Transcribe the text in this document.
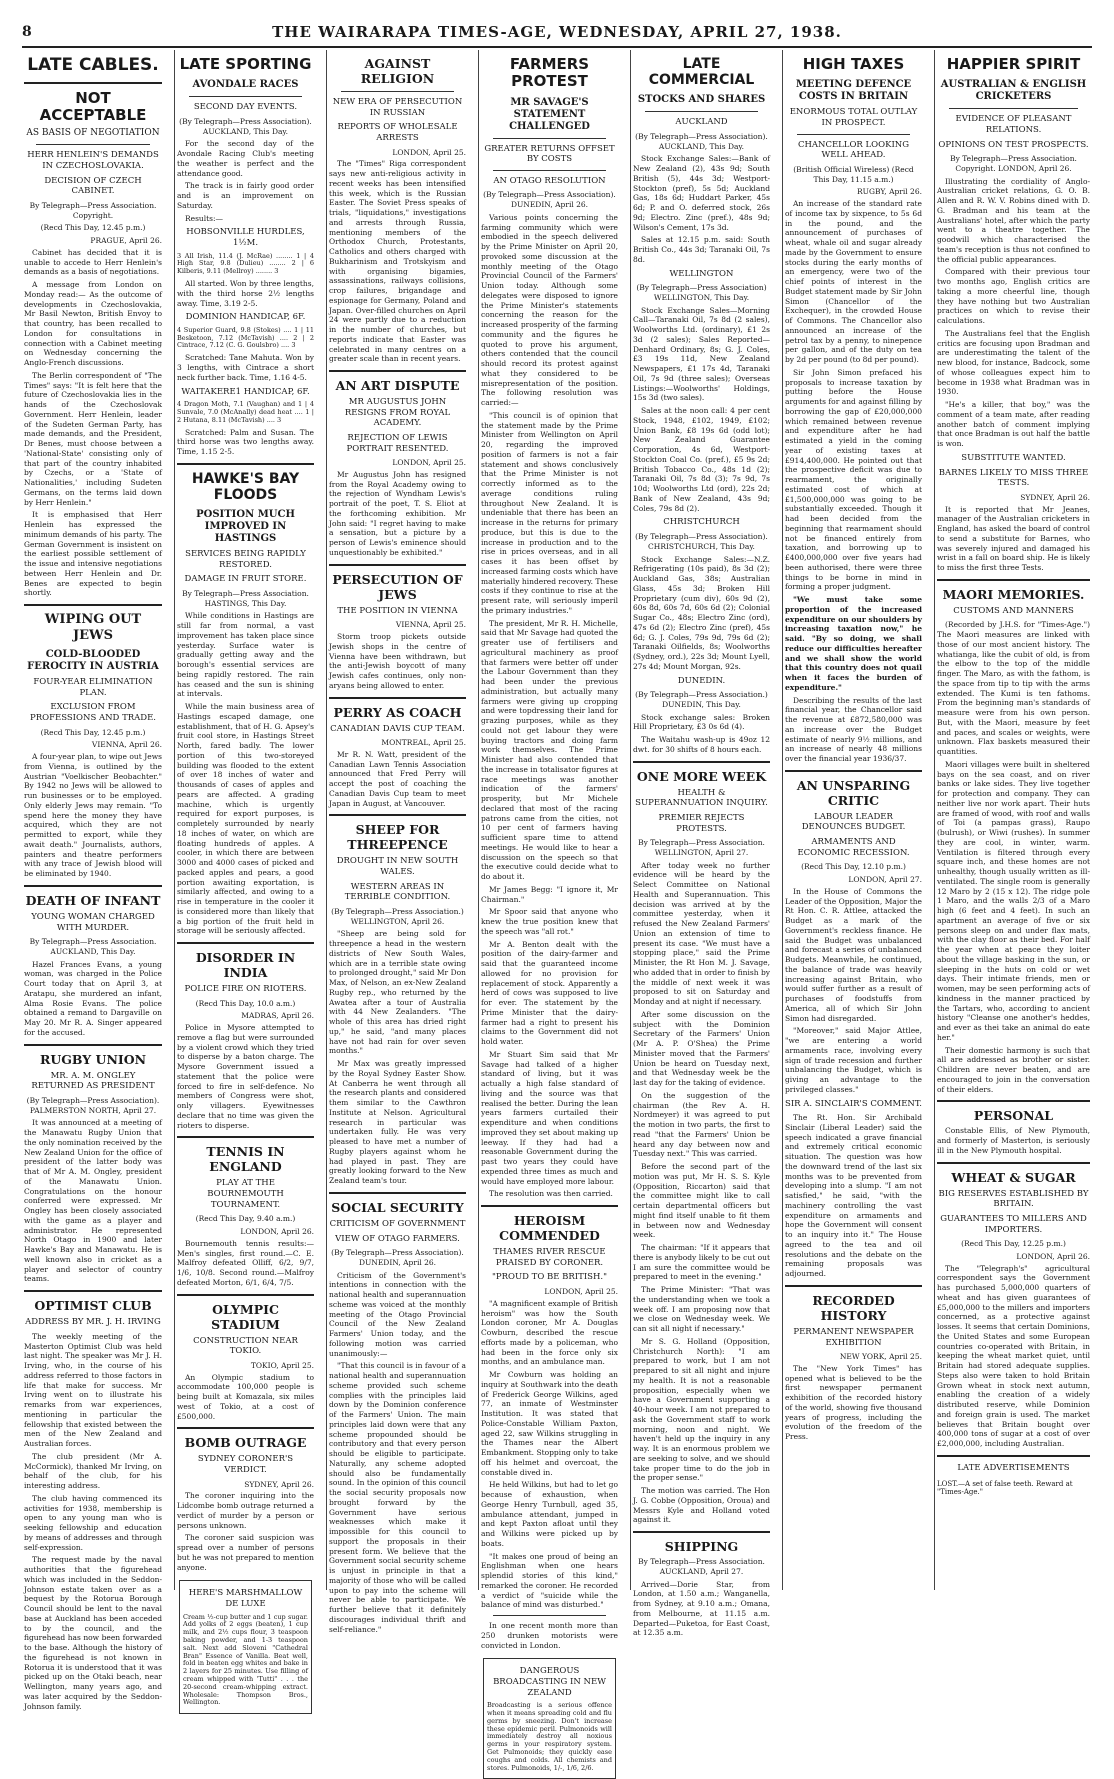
8	THE WAIRARAPA TIMES-AGE, WEDNESDAY, APRIL 27, 1938.
LATE CABLES.
NOT ACCEPTABLE
AS BASIS OF NEGOTIATION
HERR HENLEIN'S DEMANDS IN CZECHOSLOVAKIA.
DECISION OF CZECH CABINET.
By Telegraph—Press Association. Copyright.
(Recd This Day, 12.45 p.m.)
PRAGUE, April 26.

Cabinet has decided that it is unable to accede to Herr Henlein's demands as a basis of negotiations.

A message from London on Monday read:— As the outcome of developments in Czechoslovakia, Mr Basil Newton, British Envoy to that country, has been recalled to London for consultations in connection with a Cabinet meeting on Wednesday concerning the Anglo-French discussions.

The Berlin correspondent of "The Times" says: "It is felt here that the future of Czechoslovakia lies in the hands of the Czechoslovak Government. Herr Henlein, leader of the Sudeten German Party, has made demands, and the President, Dr Benes, must choose between a 'National-State' consisting only of that part of the country inhabited by Czechs, or a 'State of Nationalities,' including Sudeten Germans, on the terms laid down by Herr Henlein."

It is emphasised that Herr Henlein has expressed the minimum demands of his party. The German Government is insistent on the earliest possible settlement of the issue and intensive negotiations between Herr Henlein and Dr. Benes are expected to begin shortly.

WIPING OUT JEWS
COLD-BLOODED FEROCITY IN AUSTRIA
FOUR-YEAR ELIMINATION PLAN.
EXCLUSION FROM PROFESSIONS AND TRADE.
(Recd This Day, 12.45 p.m.)
VIENNA, April 26.

A four-year plan, to wipe out Jews from Vienna, is outlined by the Austrian "Voelkischer Beobachter." By 1942 no Jews will be allowed to run businesses or to be employed. Only elderly Jews may remain. "To spend here the money they have acquired, which they are not permitted to export, while they await death." Journalists, authors, painters and theatre performers with any trace of Jewish blood will be eliminated by 1940.

DEATH OF INFANT
YOUNG WOMAN CHARGED WITH MURDER.
By Telegraph—Press Association. AUCKLAND, This Day.

Hazel Frances Evans, a young woman, was charged in the Police Court today that on April 3, at Aratapu, she murdered an infant, Alma Rosie Evans. The police obtained a remand to Dargaville on May 20. Mr R. A. Singer appeared for the accused.

RUGBY UNION
MR. A. M. ONGLEY RETURNED AS PRESIDENT
(By Telegraph—Press Association). PALMERSTON NORTH, April 27.

It was announced at a meeting of the Manawatu Rugby Union that the only nomination received by the New Zealand Union for the office of president of the latter body was that of Mr A. M. Ongley, president of the Manawatu Union. Congratulations on the honour conferred were expressed. Mr Ongley has been closely associated with the game as a player and administrator. He represented North Otago in 1900 and later Hawke's Bay and Manawatu. He is well known also in cricket as a player and selector of country teams.

OPTIMIST CLUB
ADDRESS BY MR. J. H. IRVING

The weekly meeting of the Masterton Optimist Club was held last night. The speaker was Mr J. H. Irving, who, in the course of his address referred to those factors in life that make for success. Mr Irving went on to illustrate his remarks from war experiences, mentioning in particular the fellowship that existed between the men of the New Zealand and Australian forces.

The club president (Mr A. McCormick), thanked Mr Irving, on behalf of the club, for his interesting address.

The club having commenced its activities for 1938, membership is open to any young man who is seeking fellowship and education by means of addresses and through self-expression.

The request made by the naval authorities that the figurehead which was included in the Seddon-Johnson estate taken over as a bequest by the Rotorua Borough Council should be lent to the naval base at Auckland has been acceded to by the council, and the figurehead has now been forwarded to the base. Although the history of the figurehead is not known in Rotorua it is understood that it was picked up on the Otaki beach, near Wellington, many years ago, and was later acquired by the Seddon-Johnson family.

LATE SPORTING
AVONDALE RACES
SECOND DAY EVENTS.
(By Telegraph—Press Association). AUCKLAND, This Day.

For the second day of the Avondale Racing Club's meeting the weather is perfect and the attendance good.

The track is in fairly good order and is an improvement on Saturday.

Results:—

HOBSONVILLE HURDLES, 1½M.

3 All Irish, 11.4 (J. McRae) ........ 1 | 4 High Star, 9.8 (Dulieu) ........ 2 | 6 Kilberis, 9.11 (Mellroy) ........ 3

All started. Won by three lengths, with the third horse 2½ lengths away. Time, 3.19 2-5.

DOMINION HANDICAP, 6F.

4 Superior Guard, 9.8 (Stokes) .... 1 | 11 Besketoon, 7.12 (McTavish) .... 2 | 2 Cintrace, 7.12 (C. G. Goulsbro) .... 3

Scratched: Tane Mahuta. Won by 3 lengths, with Cintrace a short neck further back. Time, 1.16 4-5.

WAITAKERE1 HANDICAP, 6F.

4 Dragon Moth, 7.1 (Vaughan) and 1 | 4 Sunvale, 7.0 (McAnally) dead heat .... 1 | 2 Hutana, 8.11 (McTavish) .... 3

Scratched: Palm and Susan. The third horse was two lengths away. Time, 1.15 2-5.

HAWKE'S BAY FLOODS
POSITION MUCH IMPROVED IN HASTINGS
SERVICES BEING RAPIDLY RESTORED.
DAMAGE IN FRUIT STORE.
By Telegraph—Press Association. HASTINGS, This Day.

While conditions in Hastings are still far from normal, a vast improvement has taken place since yesterday. Surface water is gradually getting away and the borough's essential services are being rapidly restored. The rain has ceased and the sun is shining at intervals.

While the main business area of Hastings escaped damage, one establishment, that of H. G. Apsey's fruit cool store, in Hastings Street North, fared badly. The lower portion of this two-storeyed building was flooded to the extent of over 18 inches of water and thousands of cases of apples and pears are affected. A grading machine, which is urgently required for export purposes, is completely surrounded by nearly 18 inches of water, on which are floating hundreds of apples. A cooler, in which there are between 3000 and 4000 cases of picked and packed apples and pears, a good portion awaiting exportation, is similarly affected, and owing to a rise in temperature in the cooler it is considered more than likely that a big portion of the fruit held in storage will be seriously affected.

DISORDER IN INDIA
POLICE FIRE ON RIOTERS.
(Recd This Day, 10.0 a.m.)
MADRAS, April 26.

Police in Mysore attempted to remove a flag but were surrounded by a violent crowd which they tried to disperse by a baton charge. The Mysore Government issued a statement that the police were forced to fire in self-defence. No members of Congress were shot, only villagers. Eyewitnesses declare that no time was given the rioters to disperse.

TENNIS IN ENGLAND
PLAY AT THE BOURNEMOUTH TOURNAMENT.
(Recd This Day, 9.40 a.m.)
LONDON, April 26.

Bournemouth tennis results:— Men's singles, first round.—C. E. Malfroy defeated Olliff, 6/2, 9/7, 1/6, 10/8. Second round.—Malfroy defeated Morton, 6/1, 6/4, 7/5.

OLYMPIC STADIUM
CONSTRUCTION NEAR TOKIO.
TOKIO, April 25.

An Olympic stadium to accommodate 100,000 people is being built at Komazala, six miles west of Tokio, at a cost of £500,000.

BOMB OUTRAGE
SYDNEY CORONER'S VERDICT.
SYDNEY, April 26.

The coroner inquiring into the Lidcombe bomb outrage returned a verdict of murder by a person or persons unknown.

The coroner said suspicion was spread over a number of persons but he was not prepared to mention anyone.

HERE'S MARSHMALLOW DE LUXE

Cream ½-cup butter and 1 cup sugar. Add yolks of 2 eggs (beaten), 1 cup milk, and 2½ cups flour, 3 teaspoon baking powder, and 1-3 teaspoon salt. Next add Sloveni "Cathedral Bran" Essence of Vanilla. Beat well, fold in beaten egg whites and bake in 2 layers for 25 minutes. Use filling of cream whipped with 'Tutti" . . . the 20-second cream-whipping extract. Wholesale: Thompson Bros., Wellington.

AGAINST RELIGION
NEW ERA OF PERSECUTION IN RUSSIAN
REPORTS OF WHOLESALE ARRESTS
LONDON, April 25.

The "Times" Riga correspondent says new anti-religious activity in recent weeks has been intensified this week, which is the Russian Easter. The Soviet Press speaks of trials, "liquidations," investigations and arrests through Russia, mentioning members of the Orthodox Church, Protestants, Catholics and others charged with Bukharinism and Trotskyism and with organising bigamies, assassinations, railways collisions, crop failures, brigandage and espionage for Germany, Poland and Japan. Over-filled churches on April 24 were partly due to a reduction in the number of churches, but reports indicate that Easter was celebrated in many centres on a greater scale than in recent years.

AN ART DISPUTE
MR AUGUSTUS JOHN RESIGNS FROM ROYAL ACADEMY.
REJECTION OF LEWIS PORTRAIT RESENTED.
LONDON, April 25.

Mr Augustus John has resigned from the Royal Academy owing to the rejection of Wyndham Lewis's portrait of the poet, T. S. Eliot at the forthcoming exhibition. Mr John said: "I regret having to make a sensation, but a picture by a person of Lewis's eminence should unquestionably be exhibited."

PERSECUTION OF JEWS
THE POSITION IN VIENNA
VIENNA, April 25.

Storm troop pickets outside Jewish shops in the centre of Vienna have been withdrawn, but the anti-Jewish boycott of many Jewish cafes continues, only non-aryans being allowed to enter.

PERRY AS COACH
CANADIAN DAVIS CUP TEAM.
MONTREAL, April 25.

Mr R. N. Watt, president of the Canadian Lawn Tennis Association announced that Fred Perry will accept the post of coaching the Canadian Davis Cup team to meet Japan in August, at Vancouver.

SHEEP FOR THREEPENCE
DROUGHT IN NEW SOUTH WALES.
WESTERN AREAS IN TERRIBLE CONDITION.
(By Telegraph—Press Association.) WELLINGTON, April 26.

"Sheep are being sold for threepence a head in the western districts of New South Wales, which are in a terrible state owing to prolonged drought," said Mr Don Max, of Nelson, an ex-New Zealand Rugby rep., who returned by the Awatea after a tour of Australia with 44 New Zealanders. "The whole of this area has dried right up," he said, "and many places have not had rain for over seven months."

Mr Max was greatly impressed by the Royal Sydney Easter Show. At Canberra he went through all the research plants and considered them similar to the Cawthron Institute at Nelson. Agricultural research in particular was undertaken fully. He was very pleased to have met a number of Rugby players against whom he had played in past. They are greatly looking forward to the New Zealand team's tour.

SOCIAL SECURITY
CRITICISM OF GOVERNMENT
VIEW OF OTAGO FARMERS.
(By Telegraph—Press Association). DUNEDIN, April 26.

Criticism of the Government's intentions in connection with the national health and superannuation scheme was voiced at the monthly meeting of the Otago Provincial Council of the New Zealand Farmers' Union today, and the following motion was carried unanimously:—

"That this council is in favour of a national health and superannuation scheme provided such scheme complies with the principles laid down by the Dominion conference of the Farmers' Union. The main principles laid down were that any scheme propounded should be contributory and that every person should be eligible to participate. Naturally, any scheme adopted should also be fundamentally sound. In the opinion of this council the social security proposals now brought forward by the Government have serious weaknesses which make it impossible for this council to support the proposals in their present form. We believe that the Government social security scheme is unjust in principle in that a majority of those who will be called upon to pay into the scheme will never be able to participate. We further believe that it definitely discourages individual thrift and self-reliance."

FARMERS PROTEST
MR SAVAGE'S STATEMENT CHALLENGED
GREATER RETURNS OFFSET BY COSTS
AN OTAGO RESOLUTION
(By Telegraph—Press Association). DUNEDIN, April 26.

Various points concerning the farming community which were embodied in the speech delivered by the Prime Minister on April 20, provoked some discussion at the monthly meeting of the Otago Provincial Council of the Farmers' Union today. Although some delegates were disposed to ignore the Prime Minister's statements concerning the reason for the increased prosperity of the farming community and the figures he quoted to prove his argument, others contended that the council should record its protest against what they considered to be misrepresentation of the position. The following resolution was carried:—

"This council is of opinion that the statement made by the Prime Minister from Wellington on April 20, regarding the improved position of farmers is not a fair statement and shows conclusively that the Prime Minister is not correctly informed as to the average conditions ruling throughout New Zealand. It is undeniable that there has been an increase in the returns for primary produce, but this is due to the increase in production and to the rise in prices overseas, and in all cases it has been offset by increased farming costs which have materially hindered recovery. These costs if they continue to rise at the present rate, will seriously imperil the primary industries."

The president, Mr R. H. Michelle, said that Mr Savage had quoted the greater use of fertilisers and agricultural machinery as proof that farmers were better off under the Labour Government than they had been under the previous administration, but actually many farmers were giving up cropping and were topdressing their land for grazing purposes, while as they could not get labour they were buying tractors and doing farm work themselves. The Prime Minister had also contended that the increase in totalisator figures at race meetings was another indication of the farmers' prosperity, but Mr Michele declared that most of the racing patrons came from the cities, not 10 per cent of farmers having sufficient spare time to attend meetings. He would like to hear a discussion on the speech so that the executive could decide what to do about it.

Mr James Begg: "I ignore it, Mr Chairman."

Mr Spoor said that anyone who knew the true position knew that the speech was "all rot."

Mr A. Benton dealt with the position of the dairy-farmer and said that the guaranteed income allowed for no provision for replacement of stock. Apparently a herd of cows was supposed to live for ever. The statement by the Prime Minister that the dairy-farmer had a right to present his claims to the Government did not hold water.

Mr Stuart Sim said that Mr Savage had talked of a higher standard of living, but it was actually a high false standard of living and the source was that realised the better. During the lean years farmers curtailed their expenditure and when conditions improved they set about making up leeway. If they had had a reasonable Government during the past two years they could have expended three times as much and would have employed more labour.

The resolution was then carried.

HEROISM COMMENDED
THAMES RIVER RESCUE PRAISED BY CORONER.
"PROUD TO BE BRITISH."
LONDON, April 25.

"A magnificent example of British heroism" was how the South London coroner, Mr A. Douglas Cowburn, described the rescue efforts made by a policeman, who had been in the force only six months, and an ambulance man.

Mr Cowburn was holding an inquiry at Southwark into the death of Frederick George Wilkins, aged 77, an inmate of Westminster Institution. It was stated that Police-Constable William Paxton, aged 22, saw Wilkins struggling in the Thames near the Albert Embankment. Stopping only to take off his helmet and overcoat, the constable dived in.

He held Wilkins, but had to let go because of exhaustion, when George Henry Turnbull, aged 35, ambulance attendant, jumped in and kept Paxton afloat until they and Wilkins were picked up by boats.

"It makes one proud of being an Englishman when one hears splendid stories of this kind," remarked the coroner. He recorded a verdict of "suicide while the balance of mind was disturbed."

In one recent month more than 250 drunken motorists were convicted in London.

DANGEROUS BROADCASTING IN NEW ZEALAND

Broadcasting is a serious offence when it means spreading cold and flu germs by sneezing. Don't increase these epidemic peril. Pulmonoids will immediately destroy all noxious germs in your respiratory system. Get Pulmonoids; they quickly ease coughs and colds. All chemists and stores. Pulmonoids, 1/-, 1/6, 2/6.

LATE COMMERCIAL
STOCKS AND SHARES
AUCKLAND
(By Telegraph—Press Association). AUCKLAND, This Day.

Stock Exchange Sales:—Bank of New Zealand (2), 43s 9d; South British (5), 44s 3d; Westport-Stockton (pref), 5s 5d; Auckland Gas, 18s 6d; Huddart Parker, 45s 6d; P. and O. deferred stock, 26s 9d; Electro. Zinc (pref.), 48s 9d; Wilson's Cement, 17s 3d.

Sales at 12.15 p.m. said: South British Co., 44s 3d; Taranaki Oil, 7s 8d.

WELLINGTON
(By Telegraph—Press Association) WELLINGTON, This Day.

Stock Exchange Sales—Morning Call—Taranaki Oil, 7s 8d (2 sales), Woolworths Ltd. (ordinary), £1 2s 3d (2 sales); Sales Reported—Denhard Ordinary, 8s; G. J. Coles, £3 19s 11d, New Zealand Newspapers, £1 17s 4d, Taranaki Oil, 7s 9d (three sales); Overseas Listings:—Woolworths' Holdings, 15s 3d (two sales).

Sales at the noon call: 4 per cent Stock, 1948, £102, 1949, £102; Union Bank, £8 19s 6d (odd lot); New Zealand Guarantee Corporation, 4s 6d, Westport-Stockton Coal Co. (pref.), £5 9s 2d; British Tobacco Co., 48s 1d (2); Taranaki Oil, 7s 8d (3); 7s 9d, 7s 10d; Woolworths Ltd (ord), 22s 2d; Bank of New Zealand, 43s 9d; Coles, 79s 8d (2).

CHRISTCHURCH
(By Telegraph—Press Association). CHRISTCHURCH, This Day.

Stock Exchange Sales:—N.Z. Refrigerating (10s paid), 8s 3d (2); Auckland Gas, 38s; Australian Glass, 45s 3d; Broken Hill Proprietary (cum div), 60s 9d (2), 60s 8d, 60s 7d, 60s 6d (2); Colonial Sugar Co., 48s; Electro Zinc (ord), 47s 6d (2); Electro Zinc (pref), 45s 6d; G. J. Coles, 79s 9d, 79s 6d (2); Taranaki Oilfields, 8s; Woolworths (Sydney, ord.), 22s 3d; Mount Lyell, 27s 4d; Mount Morgan, 92s.

DUNEDIN.
(By Telegraph—Press Association.) DUNEDIN, This Day.

Stock exchange sales: Broken Hill Proprietary, £3 0s 6d (4).

The Waitahu wash-up is 49oz 12 dwt. for 30 shifts of 8 hours each.

ONE MORE WEEK
HEALTH & SUPERANNUATION INQUIRY.
PREMIER REJECTS PROTESTS.
By Telegraph—Press Association. WELLINGTON, April 27.

After today week no further evidence will be heard by the Select Committee on National Health and Superannuation. This decision was arrived at by the committee yesterday, when it refused the New Zealand Farmers' Union an extension of time to present its case. "We must have a stopping place," said the Prime Minister, the Rt Hon M. J. Savage, who added that in order to finish by the middle of next week it was proposed to sit on Saturday and Monday and at night if necessary.

After some discussion on the subject with the Dominion Secretary of the Farmers' Union (Mr A. P. O'Shea) the Prime Minister moved that the Farmers' Union be heard on Tuesday next, and that Wednesday week be the last day for the taking of evidence.

On the suggestion of the chairman (the Rev A. H. Nordmeyer) it was agreed to put the motion in two parts, the first to read "that the Farmers' Union be heard any day between now and Tuesday next." This was carried.

Before the second part of the motion was put, Mr H. S. S. Kyle (Opposition, Riccarton) said that the committee might like to call certain departmental officers but might find itself unable to fit them in between now and Wednesday week.

The chairman: "If it appears that there is anybody likely to be cut out I am sure the committee would be prepared to meet in the evening."

The Prime Minister: "That was the understanding when we took a week off. I am proposing now that we close on Wednesday week. We can sit all night if necessary."

Mr S. G. Holland (Opposition, Christchurch North): "I am prepared to work, but I am not prepared to sit all night and injure my health. It is not a reasonable proposition, especially when we have a Government supporting a 40-hour week. I am not prepared to ask the Government staff to work morning, noon and night. We haven't held up the inquiry in any way. It is an enormous problem we are seeking to solve, and we should take proper time to do the job in the proper sense."

The motion was carried. The Hon J. G. Cobbe (Opposition, Oroua) and Messrs Kyle and Holland voted against it.

SHIPPING
By Telegraph—Press Association. AUCKLAND, April 27.

Arrived—Dorie Star, from London, at 1.50 a.m.; Wanganella, from Sydney, at 9.10 a.m.; Omana, from Melbourne, at 11.15 a.m. Departed—Puketoa, for East Coast, at 12.35 a.m.

HIGH TAXES
MEETING DEFENCE COSTS IN BRITAIN
ENORMOUS TOTAL OUTLAY IN PROSPECT.
CHANCELLOR LOOKING WELL AHEAD.
(British Official Wireless) (Recd This Day, 11.15 a.m.)
RUGBY, April 26.

An increase of the standard rate of income tax by sixpence, to 5s 6d in the pound, and the announcement of purchases of wheat, whale oil and sugar already made by the Government to ensure stocks during the early months of an emergency, were two of the chief points of interest in the Budget statement made by Sir John Simon (Chancellor of the Exchequer), in the crowded House of Commons. The Chancellor also announced an increase of the petrol tax by a penny, to ninepence per gallon, and of the duty on tea by 2d per pound (to 8d per pound).

Sir John Simon prefaced his proposals to increase taxation by putting before the House arguments for and against filling by borrowing the gap of £20,000,000 which remained between revenue and expenditure after he had estimated a yield in the coming year of existing taxes at £914,400,000. He pointed out that the prospective deficit was due to rearmament, the originally estimated cost of which at £1,500,000,000 was going to be substantially exceeded. Though it had been decided from the beginning that rearmament should not be financed entirely from taxation, and borrowing up to £400,000,000 over five years had been authorised, there were three things to be borne in mind in forming a proper judgment.

"We must take some proportion of the increased expenditure on our shoulders by increasing taxation now," he said. "By so doing, we shall reduce our difficulties hereafter and we shall show the world that this country does not quail when it faces the burden of expenditure."

Describing the results of the last financial year, the Chancellor said the revenue at £872,580,000 was an increase over the Budget estimate of nearly 9½ millions, and an increase of nearly 48 millions over the financial year 1936/37.

AN UNSPARING CRITIC
LABOUR LEADER DENOUNCES BUDGET.
ARMAMENTS AND ECONOMIC RECESSION.
(Recd This Day, 12.10 p.m.)
LONDON, April 27.

In the House of Commons the Leader of the Opposition, Major the Rt Hon. C. R. Attlee, attacked the Budget as a mark of the Government's reckless finance. He said the Budget was unbalanced and forecast a series of unbalanced Budgets. Meanwhile, he continued, the balance of trade was heavily increasing against Britain, who would suffer further as a result of purchases of foodstuffs from America, all of which Sir John Simon had disregarded.

"Moreover," said Major Attlee, "we are entering a world armaments race, involving every sign of trade recession and further unbalancing the Budget, which is giving an advantage to the privileged classes."

SIR A. SINCLAIR'S COMMENT.

The Rt. Hon. Sir Archibald Sinclair (Liberal Leader) said the speech indicated a grave financial and extremely critical economic situation. The question was how the downward trend of the last six months was to be prevented from developing into a slump. "I am not satisfied," he said, "with the machinery controlling the vast expenditure on armaments and hope the Government will consent to an inquiry into it." The House agreed to the tea and oil resolutions and the debate on the remaining proposals was adjourned.

RECORDED HISTORY
PERMANENT NEWSPAPER EXHIBITION
NEW YORK, April 25.

The "New York Times" has opened what is believed to be the first newspaper permanent exhibition of the recorded history of the world, showing five thousand years of progress, including the evolution of the freedom of the Press.

HAPPIER SPIRIT
AUSTRALIAN & ENGLISH CRICKETERS
EVIDENCE OF PLEASANT RELATIONS.
OPINIONS ON TEST PROSPECTS.
By Telegraph—Press Association. Copyright. LONDON, April 26.

Illustrating the cordiality of Anglo-Australian cricket relations, G. O. B. Allen and R. W. V. Robins dined with D. G. Bradman and his team at the Australians' hotel, after which the party went to a theatre together. The goodwill which characterised the team's reception is thus not confined to the official public appearances.

Compared with their previous tour two months ago, English critics are taking a more cheerful line, though they have nothing but two Australian practices on which to revise their calculations.

The Australians feel that the English critics are focusing upon Bradman and are underestimating the talent of the new blood, for instance, Badcock, some of whose colleagues expect him to become in 1938 what Bradman was in 1930.

"He's a killer, that boy," was the comment of a team mate, after reading another batch of comment implying that once Bradman is out half the battle is won.

SUBSTITUTE WANTED.
BARNES LIKELY TO MISS THREE TESTS.
SYDNEY, April 26.

It is reported that Mr Jeanes, manager of the Australian cricketers in England, has asked the board of control to send a substitute for Barnes, who was severely injured and damaged his wrist in a fall on board ship. He is likely to miss the first three Tests.

MAORI MEMORIES.
CUSTOMS AND MANNERS

(Recorded by J.H.S. for "Times-Age.") The Maori measures are linked with those of our most ancient history. The whatianga, like the cubit of old, is from the elbow to the top of the middle finger. The Maro, as with the fathom, is the space from tip to tip with the arms extended. The Kumi is ten fathoms. From the beginning man's standards of measure were from his own person. But, with the Maori, measure by feet and paces, and scales or weights, were unknown. Flax baskets measured their quantities.

Maori villages were built in sheltered bays on the sea coast, and on river banks or lake sides. They live together for protection and company. They can neither live nor work apart. Their huts are framed of wood, with roof and walls of Toi (a pampas grass), Raupo (bulrush), or Wiwi (rushes). In summer they are cool, in winter, warm. Ventilation is filtered through every square inch, and these homes are not unhealthy, though usually written as ill-ventilated. The single room is generally 12 Maro by 2 (15 x 12). The ridge pole 1 Maro, and the walls 2/3 of a Maro high (6 feet and 4 feet). In such an apartment an average of five or six persons sleep on and under flax mats, with the clay floor as their bed. For half the year when at peace they loiter about the village basking in the sun, or sleeping in the huts on cold or wet days. Their intimate friends, men or women, may be seen performing acts of kindness in the manner practiced by the Tartars, who, according to ancient history "Cleanse one another's heddes, and ever as thei take an animal do eate her."

Their domestic harmony is such that all are addressed as brother or sister. Children are never beaten, and are encouraged to join in the conversation of their elders.

PERSONAL

Constable Ellis, of New Plymouth, and formerly of Masterton, is seriously ill in the New Plymouth hospital.

WHEAT & SUGAR
BIG RESERVES ESTABLISHED BY BRITAIN.
GUARANTEES TO MILLERS AND IMPORTERS.
(Recd This Day, 12.25 p.m.)
LONDON, April 26.

The "Telegraph's" agricultural correspondent says the Government has purchased 5,000,000 quarters of wheat and has given guarantees of £5,000,000 to the millers and importers concerned, as a protective against losses. It seems that certain Dominions, the United States and some European countries co-operated with Britain, in keeping the wheat market quiet, until Britain had stored adequate supplies. Steps also were taken to hold Britain Grown wheat in stock next autumn, enabling the creation of a widely distributed reserve, while Dominion and foreign grain is used. The market believes that Britain bought over 400,000 tons of sugar at a cost of over £2,000,000, including Australian.

LATE ADVERTISEMENTS

LOST.—A set of false teeth. Reward at "Times-Age."
